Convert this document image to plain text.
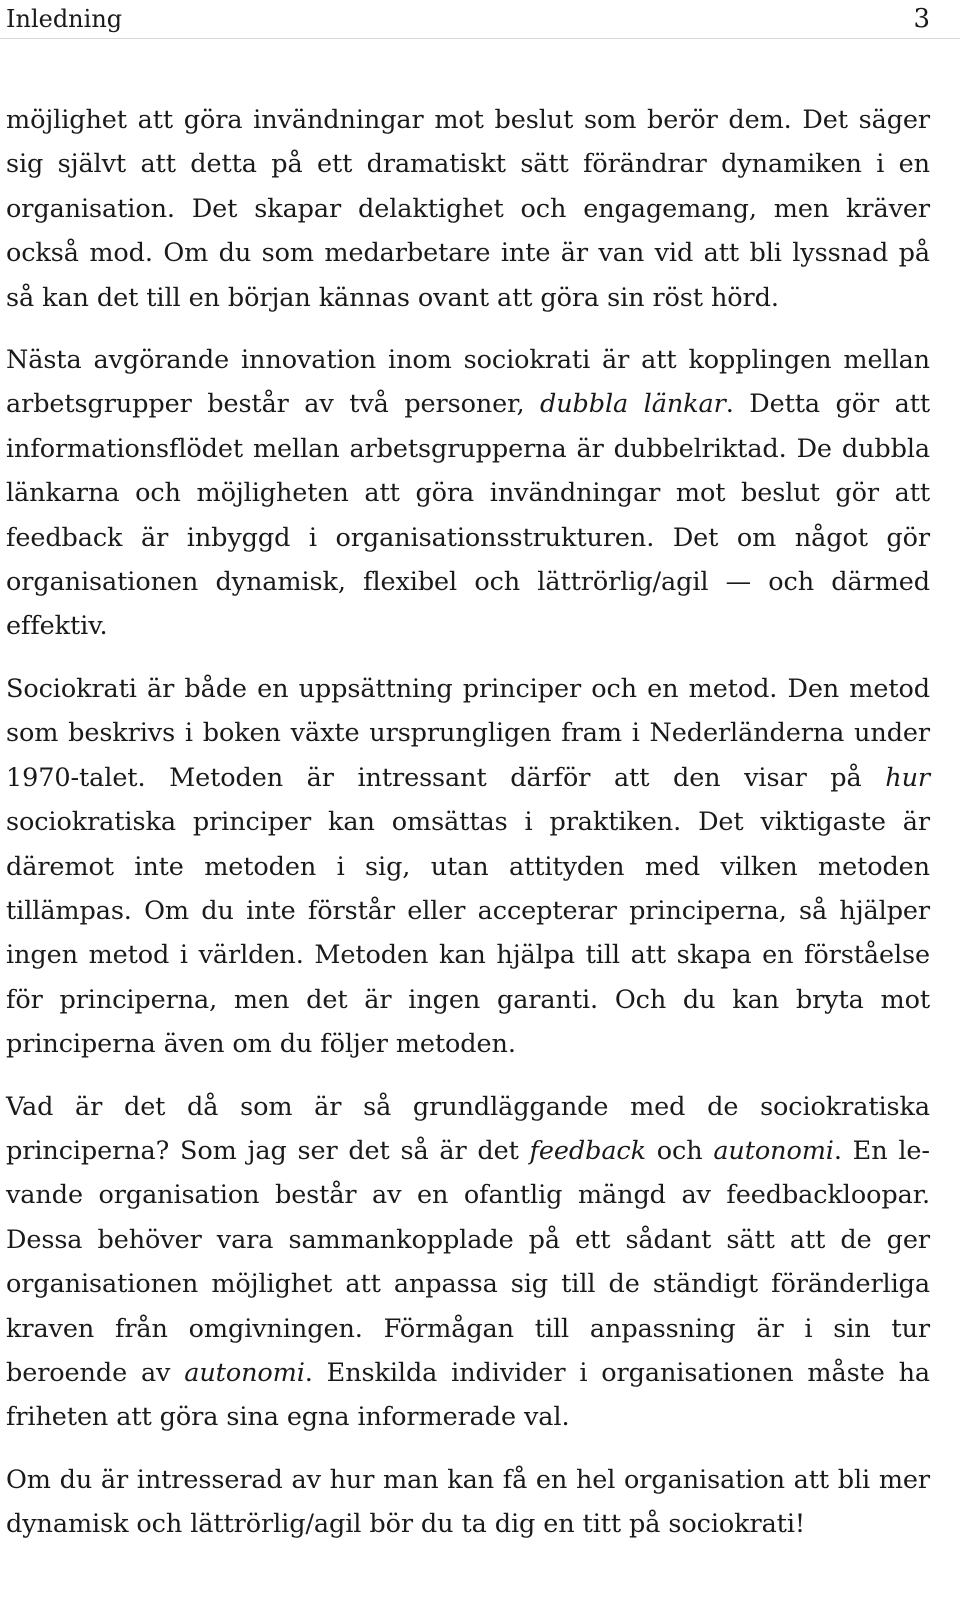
Inledning	3

möjlighet att göra invändningar mot beslut som berör dem. Det säger sig självt att detta på ett dramatiskt sätt förändrar dynamiken i en organisation. Det skapar delaktighet och engagemang, men kräver också mod. Om du som medarbetare inte är van vid att bli lyssnad på så kan det till en början kännas ovant att göra sin röst hörd.

Nästa avgörande innovation inom sociokrati är att kopplingen mellan arbetsgrupper består av två personer, dubbla länkar. Detta gör att informationsflödet mellan arbetsgrupperna är dubbelriktad. De dubbla länkarna och möjligheten att göra invändningar mot beslut gör att feedback är inbyggd i organisationsstrukturen. Det om något gör organisationen dynamisk, flexibel och lättrörlig/agil — och därmed effektiv.

Sociokrati är både en uppsättning principer och en metod. Den metod som beskrivs i boken växte ursprungligen fram i Nederländerna under 1970-talet. Metoden är intressant därför att den visar på hur sociokratiska principer kan omsättas i praktiken. Det viktigaste är däremot inte metoden i sig, utan attityden med vilken metoden tillämpas. Om du inte förstår eller accepterar principerna, så hjälper ingen metod i världen. Metoden kan hjälpa till att skapa en förståelse för principerna, men det är ingen garanti. Och du kan bryta mot principerna även om du följer metoden.

Vad är det då som är så grundläggande med de sociokratiska principerna? Som jag ser det så är det feedback och autonomi. En levande organisation består av en ofantlig mängd av feedbackloopar. Dessa behöver vara sammankopplade på ett sådant sätt att de ger organisationen möjlighet att anpassa sig till de ständigt föränderliga kraven från omgivningen. Förmågan till anpassning är i sin tur beroende av autonomi. Enskilda individer i organisationen måste ha friheten att göra sina egna informerade val.

Om du är intresserad av hur man kan få en hel organisation att bli mer dynamisk och lättrörlig/agil bör du ta dig en titt på sociokrati!
